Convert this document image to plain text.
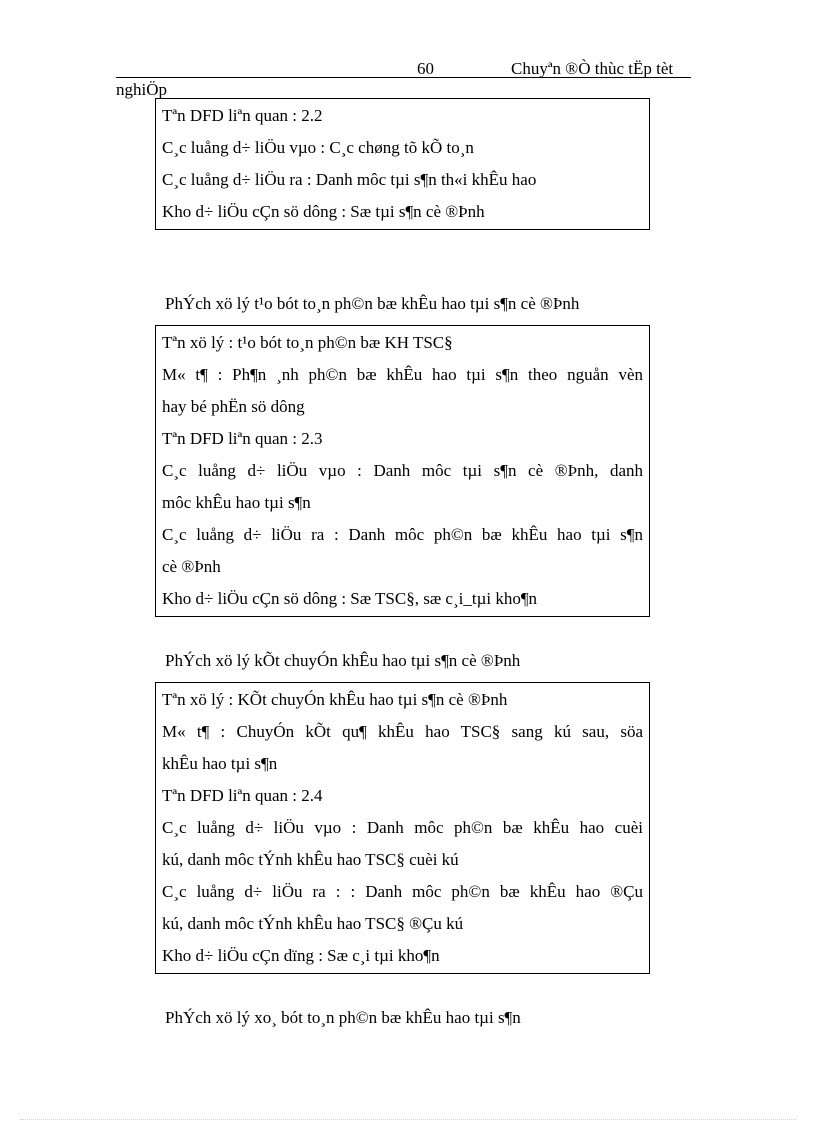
60	Chuyªn ®Ò thùc tËp tèt
nghiÖp
Tªn DFD liªn quan : 2.2
C¸c luång d÷ liÖu vµo : C¸c chøng tõ kÕ to¸n
C¸c luång d÷ liÖu ra : Danh môc tµi s¶n th«i khÊu hao
Kho d÷ liÖu cÇn sö dông : Sæ tµi s¶n cè ®Þnh
PhÝch xö lý t¹o bót to¸n ph©n bæ khÊu hao tµi s¶n cè ®Þnh
Tªn xö lý : t¹o bót to¸n ph©n bæ KH TSC§
M« t¶ : Ph¶n ¸nh ph©n bæ khÊu hao tµi s¶n theo nguån vèn
hay bé phËn sö dông
Tªn DFD liªn quan : 2.3
C¸c luång d÷ liÖu vµo : Danh môc tµi s¶n cè ®Þnh, danh
môc khÊu hao tµi s¶n
C¸c luång d÷ liÖu ra : Danh môc ph©n bæ khÊu hao tµi s¶n
cè ®Þnh
Kho d÷ liÖu cÇn sö dông : Sæ TSC§, sæ c¸i_tµi kho¶n
PhÝch xö lý kÕt chuyÓn khÊu hao tµi s¶n cè ®Þnh
Tªn xö lý : KÕt chuyÓn khÊu hao tµi s¶n cè ®Þnh
M« t¶ : ChuyÓn kÕt qu¶ khÊu hao TSC§ sang kú sau, söa
khÊu hao tµi s¶n
Tªn DFD liªn quan : 2.4
C¸c luång d÷ liÖu vµo : Danh môc ph©n bæ khÊu hao cuèi
kú, danh môc tÝnh khÊu hao TSC§ cuèi kú
C¸c luång d÷ liÖu ra : : Danh môc ph©n bæ khÊu hao ®Çu
kú, danh môc tÝnh khÊu hao TSC§ ®Çu kú
Kho d÷ liÖu cÇn dïng : Sæ c¸i tµi kho¶n
PhÝch xö lý xo¸ bót to¸n ph©n bæ khÊu hao tµi s¶n
